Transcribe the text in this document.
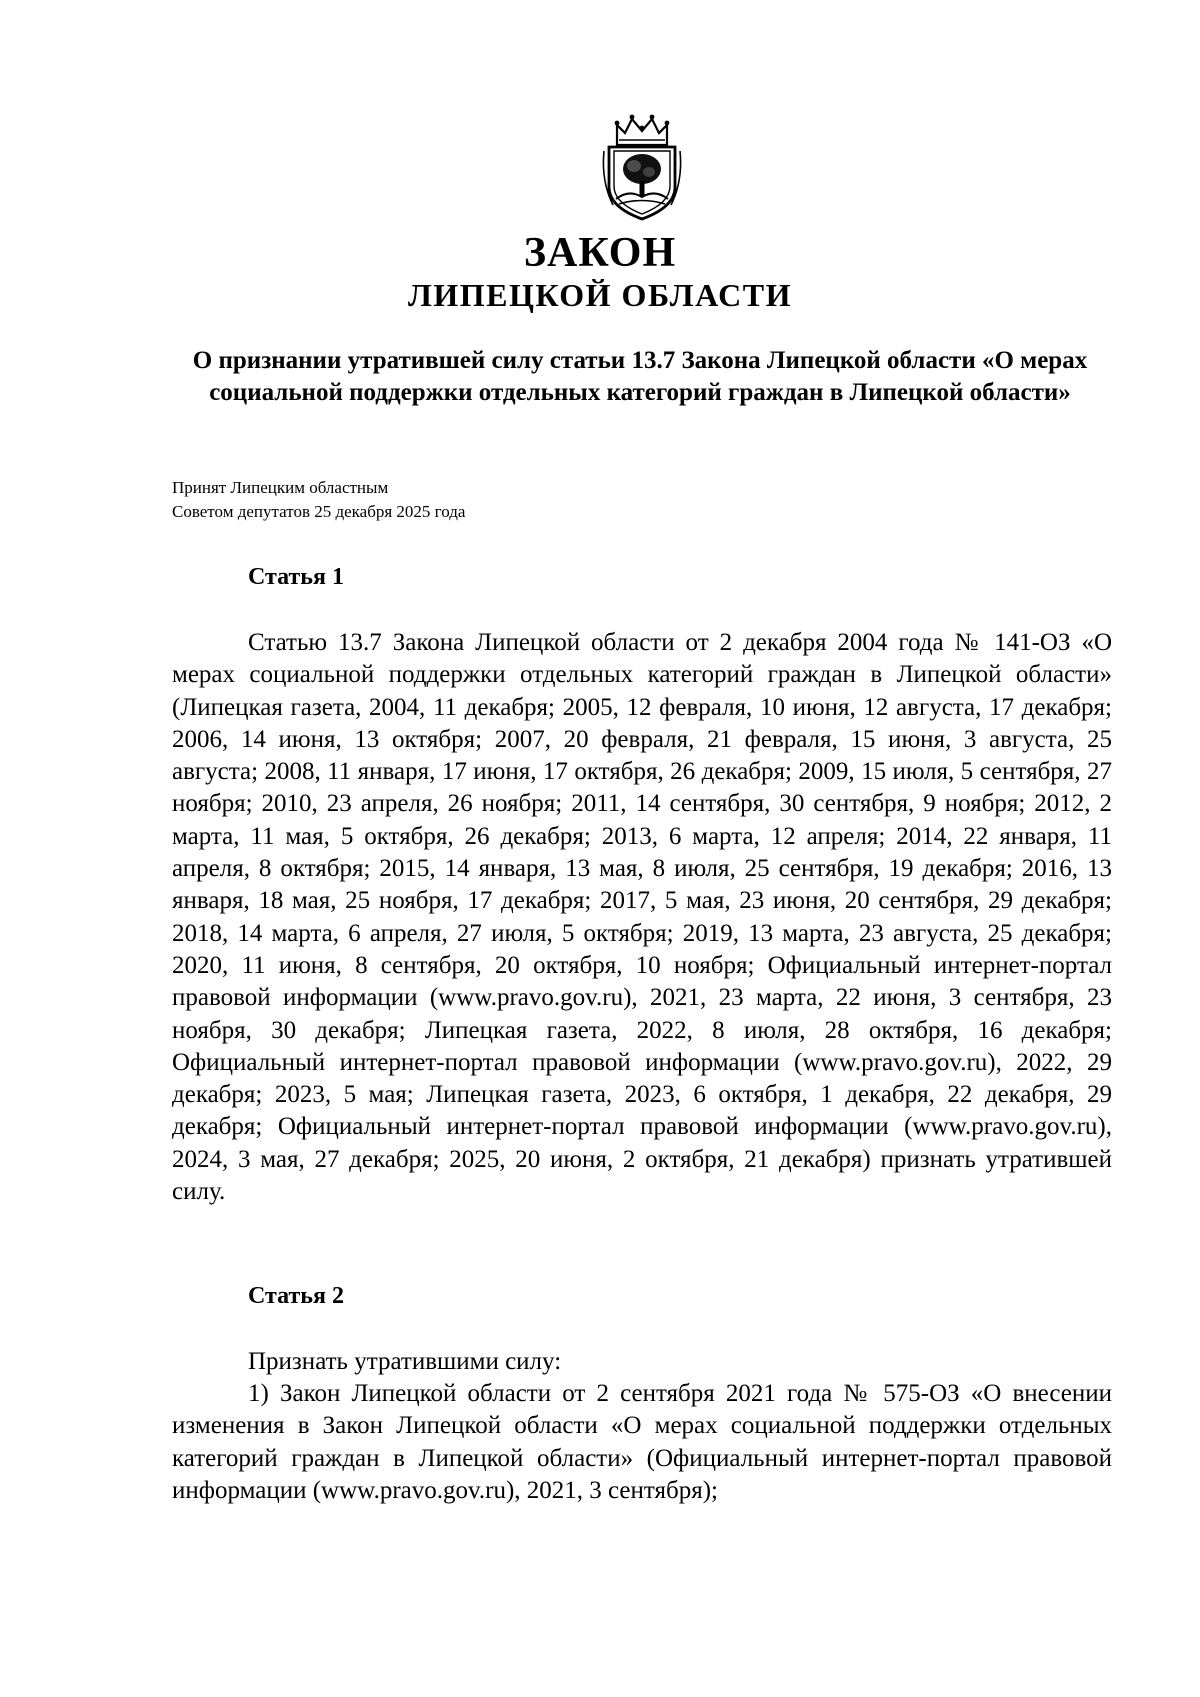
ЗАКОН
ЛИПЕЦКОЙ ОБЛАСТИ
О признании утратившей силу статьи 13.7 Закона Липецкой области «О мерах социальной поддержки отдельных категорий граждан в Липецкой области»
Принят Липецким областным
Советом депутатов 25 декабря 2025 года
Статья 1

Статью 13.7 Закона Липецкой области от 2 декабря 2004 года № 141-ОЗ «О мерах социальной поддержки отдельных категорий граждан в Липецкой области» (Липецкая газета, 2004, 11 декабря; 2005, 12 февраля, 10 июня, 12 августа, 17 декабря; 2006, 14 июня, 13 октября; 2007, 20 февраля, 21 февраля, 15 июня, 3 августа, 25 августа; 2008, 11 января, 17 июня, 17 октября, 26 декабря; 2009, 15 июля, 5 сентября, 27 ноября; 2010, 23 апреля, 26 ноября; 2011, 14 сентября, 30 сентября, 9 ноября; 2012, 2 марта, 11 мая, 5 октября, 26 декабря; 2013, 6 марта, 12 апреля; 2014, 22 января, 11 апреля, 8 октября; 2015, 14 января, 13 мая, 8 июля, 25 сентября, 19 декабря; 2016, 13 января, 18 мая, 25 ноября, 17 декабря; 2017, 5 мая, 23 июня, 20 сентября, 29 декабря; 2018, 14 марта, 6 апреля, 27 июля, 5 октября; 2019, 13 марта, 23 августа, 25 декабря; 2020, 11 июня, 8 сентября, 20 октября, 10 ноября; Официальный интернет-портал правовой информации (www.pravo.gov.ru), 2021, 23 марта, 22 июня, 3 сентября, 23 ноября, 30 декабря; Липецкая газета, 2022, 8 июля, 28 октября, 16 декабря; Официальный интернет-портал правовой информации (www.pravo.gov.ru), 2022, 29 декабря; 2023, 5 мая; Липецкая газета, 2023, 6 октября, 1 декабря, 22 декабря, 29 декабря; Официальный интернет-портал правовой информации (www.pravo.gov.ru), 2024, 3 мая, 27 декабря; 2025, 20 июня, 2 октября, 21 декабря) признать утратившей силу.

Статья 2

Признать утратившими силу:

1) Закон Липецкой области от 2 сентября 2021 года № 575-ОЗ «О внесении изменения в Закон Липецкой области «О мерах социальной поддержки отдельных категорий граждан в Липецкой области» (Официальный интернет-портал правовой информации (www.pravo.gov.ru), 2021, 3 сентября);
